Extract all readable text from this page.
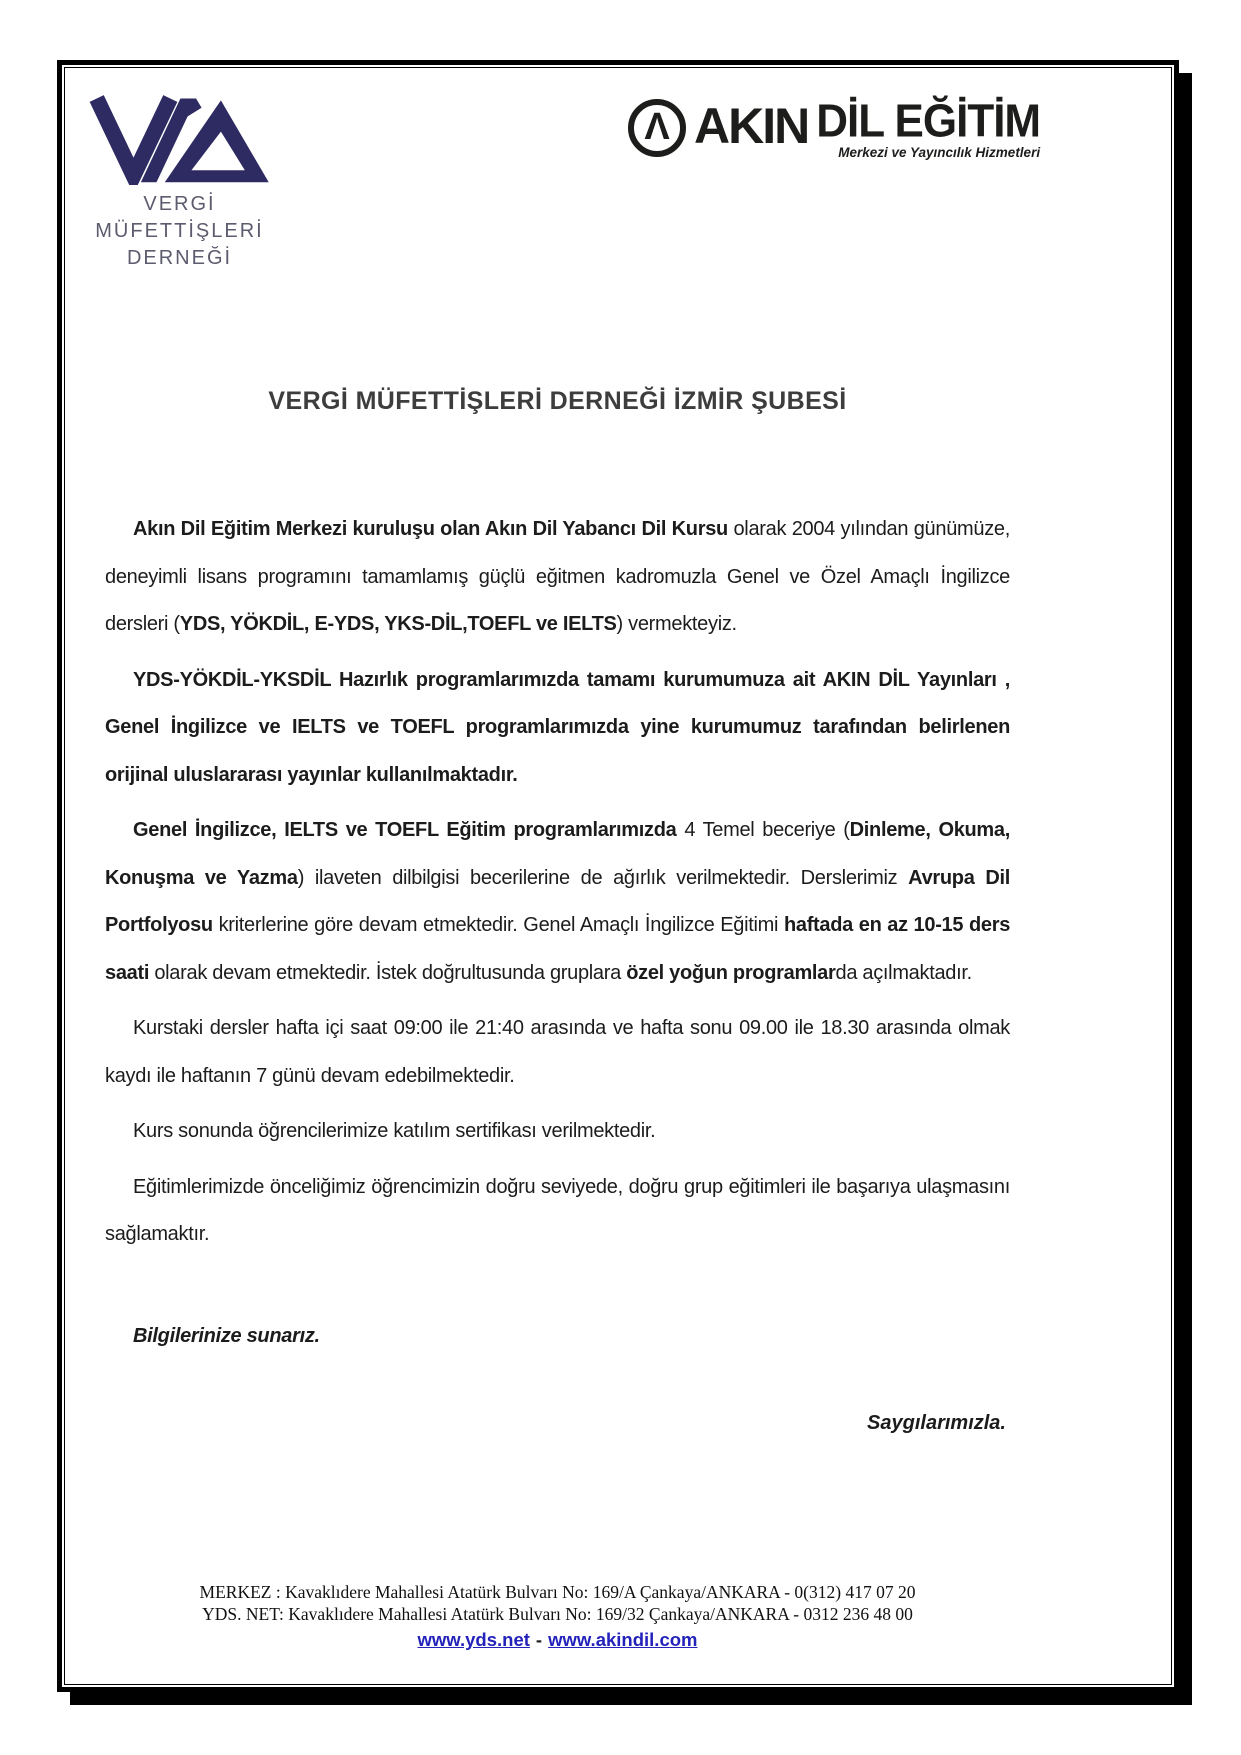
VERGİ MÜFETTİŞLERİ
DERNEĞİ
Λ AKIN DİL EĞİTİM
Merkezi ve Yayıncılık Hizmetleri
VERGİ MÜFETTİŞLERİ DERNEĞİ İZMİR ŞUBESİ

Akın Dil Eğitim Merkezi kuruluşu olan Akın Dil Yabancı Dil Kursu olarak 2004 yılından günümüze, deneyimli lisans programını tamamlamış güçlü eğitmen kadromuzla Genel ve Özel Amaçlı İngilizce dersleri (YDS, YÖKDİL, E-YDS, YKS-DİL,TOEFL ve IELTS) vermekteyiz.

YDS-YÖKDİL-YKSDİL Hazırlık programlarımızda tamamı kurumumuza ait AKIN DİL Yayınları , Genel İngilizce ve IELTS ve TOEFL programlarımızda yine kurumumuz tarafından belirlenen orijinal uluslararası yayınlar kullanılmaktadır.

Genel İngilizce, IELTS ve TOEFL Eğitim programlarımızda 4 Temel beceriye (Dinleme, Okuma, Konuşma ve Yazma) ilaveten dilbilgisi becerilerine de ağırlık verilmektedir. Derslerimiz Avrupa Dil Portfolyosu kriterlerine göre devam etmektedir. Genel Amaçlı İngilizce Eğitimi haftada en az 10-15 ders saati olarak devam etmektedir. İstek doğrultusunda gruplara özel yoğun programlarda açılmaktadır.

Kurstaki dersler hafta içi saat 09:00 ile 21:40 arasında ve hafta sonu 09.00 ile 18.30 arasında olmak kaydı ile haftanın 7 günü devam edebilmektedir.

Kurs sonunda öğrencilerimize katılım sertifikası verilmektedir.

Eğitimlerimizde önceliğimiz öğrencimizin doğru seviyede, doğru grup eğitimleri ile başarıya ulaşmasını sağlamaktır.

Bilgilerinize sunarız.

Saygılarımızla.
MERKEZ : Kavaklıdere Mahallesi Atatürk Bulvarı No: 169/A Çankaya/ANKARA - 0(312) 417 07 20
YDS. NET: Kavaklıdere Mahallesi Atatürk Bulvarı No: 169/32 Çankaya/ANKARA - 0312 236 48 00
www.yds.net - www.akindil.com
